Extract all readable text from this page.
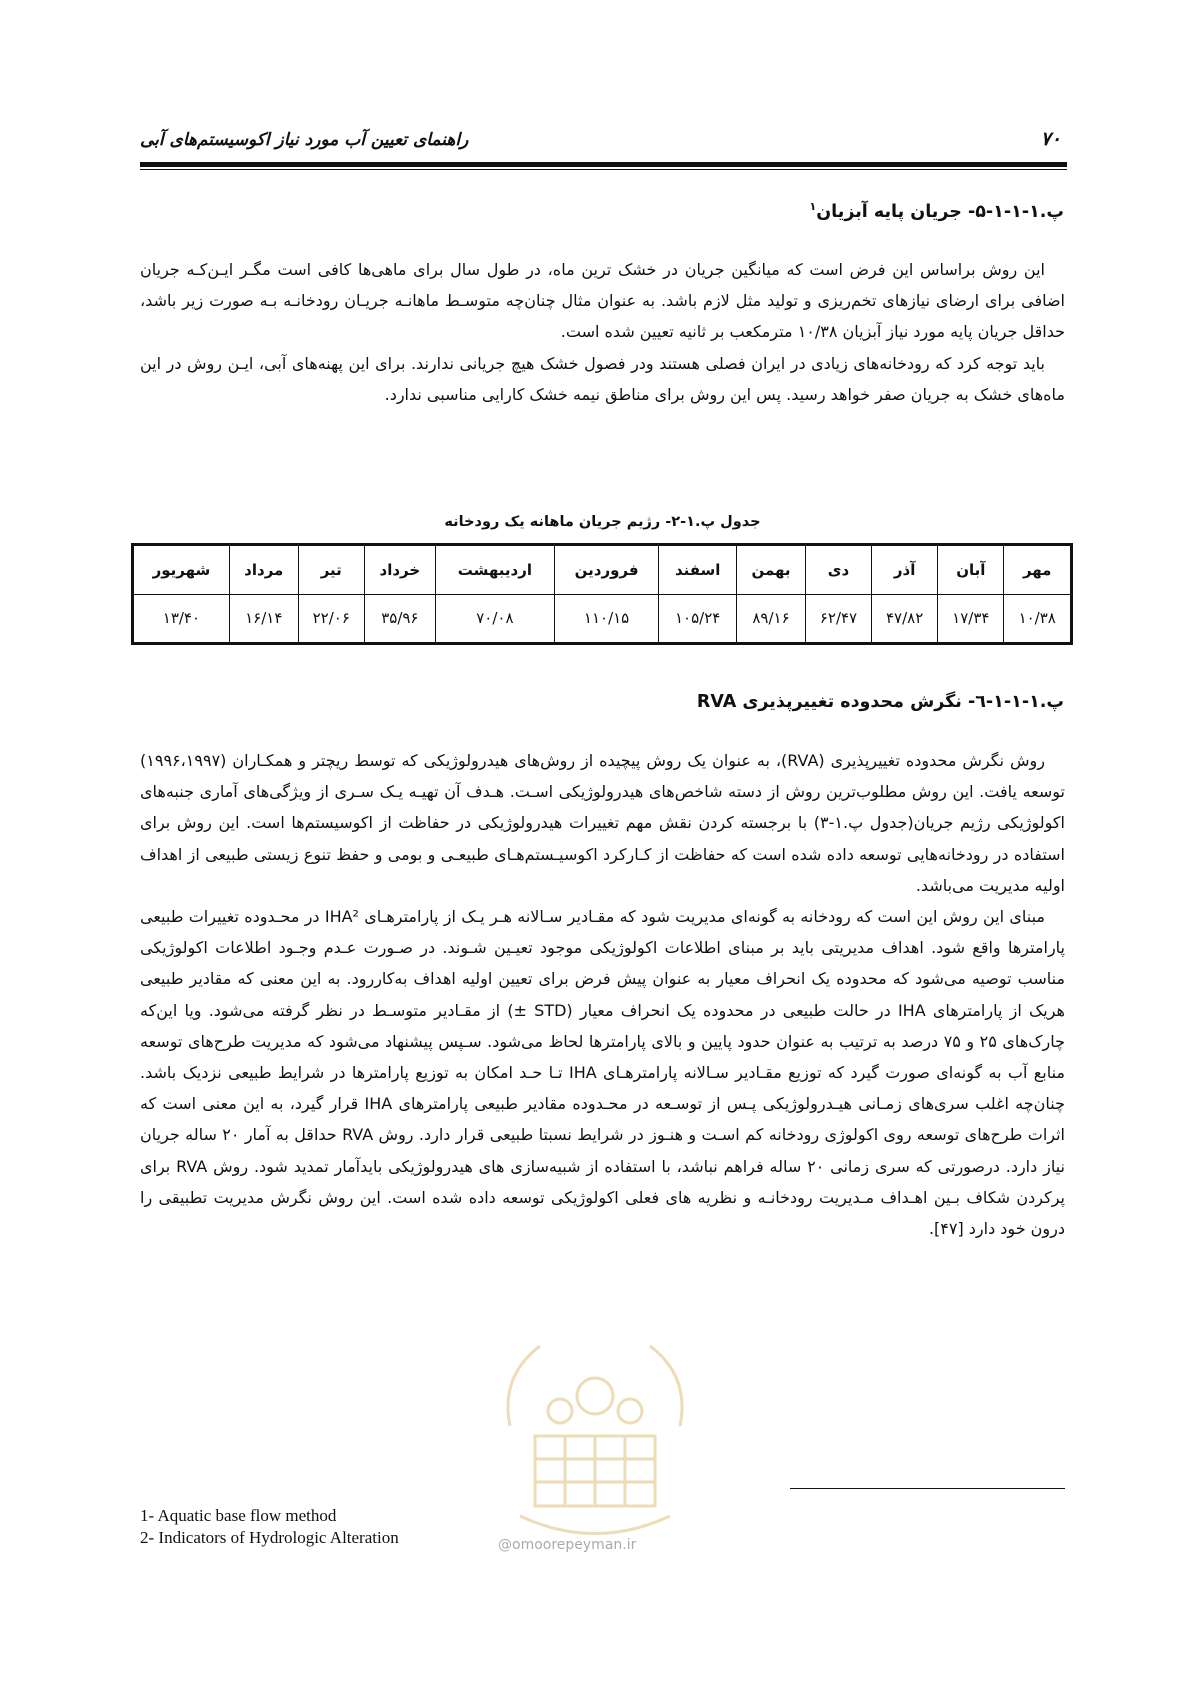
۷۰
راهنمای تعیین آب مورد نیاز اکوسیستم‌های آبی
پ.۱-۱-۱-۵- جریان پایه آبزیان$^۱$

این روش براساس این فرض است که میانگین جریان در خشک ترین ماه، در طول سال برای ماهی‌ها کافی است مگـر ایـن‌کـه جریان اضافی برای ارضای نیازهای تخم‌ریزی و تولید مثل لازم باشد. به عنوان مثال چنان‌چه متوسـط ماهانـه جریـان رودخانـه بـه صورت زیر باشد، حداقل جریان پایه مورد نیاز آبزیان ۱۰/۳۸ مترمکعب بر ثانیه تعیین شده است.

باید توجه کرد که رودخانه‌های زیادی در ایران فصلی هستند ودر فصول خشک هیچ جریانی ندارند. برای این پهنه‌های آبی، ایـن روش در این ماه‌های خشک به جریان صفر خواهد رسید. پس این روش برای مناطق نیمه خشک کارایی مناسبی ندارد.

جدول پ.۱-۲- رژیم جریان ماهانه یک رودخانه
مهر	آبان	آذر	دی	بهمن	اسفند	فروردین	اردیبهشت	خرداد	تیر	مرداد	شهریور
۱۰/۳۸	۱۷/۳۴	۴۷/۸۲	۶۲/۴۷	۸۹/۱۶	۱۰۵/۲۴	۱۱۰/۱۵	۷۰/۰۸	۳۵/۹۶	۲۲/۰۶	۱۶/۱۴	۱۳/۴۰
پ.۱-۱-۱-٦- نگرش محدوده تغییرپذیری RVA

روش نگرش محدوده تغییرپذیری (RVA)، به عنوان یک روش پیچیده از روش‌های هیدرولوژیکی که توسط ریچتر و همکـاران (۱۹۹۶،۱۹۹۷) توسعه یافت. این روش مطلوب‌ترین روش از دسته شاخص‌های هیدرولوژیکی اسـت. هـدف آن تهیـه یـک سـری از ویژگی‌های آماری جنبه‌های اکولوژیکی رژیم جریان(جدول پ.۱-۳) با برجسته کردن نقش مهم تغییرات هیدرولوژیکی در حفاظت از اکوسیستم‌ها است. این روش برای استفاده در رودخانه‌هایی توسعه داده شده است که حفاظت از کـارکرد اکوسیـستم‌هـای طبیعـی و بومی و حفظ تنوع زیستی طبیعی از اهداف اولیه مدیریت می‌باشد.

مبنای این روش این است که رودخانه به گونه‌ای مدیریت شود که مقـادیر سـالانه هـر یـک از پارامترهـای IHA² در محـدوده تغییرات طبیعی پارامترها واقع شود. اهداف مدیریتی باید بر مبنای اطلاعات اکولوژیکی موجود تعیـین شـوند. در صـورت عـدم وجـود اطلاعات اکولوژیکی مناسب توصیه می‌شود که محدوده یک انحراف معیار به عنوان پیش فرض برای تعیین اولیه اهداف به‌کاررود. به این معنی که مقادیر طبیعی هریک از پارامترهای IHA در حالت طبیعی در محدوده یک انحراف معیار (STD ±) از مقـادیر متوسـط در نظر گرفته می‌شود. ویا این‌که چارک‌های ۲۵ و ۷۵ درصد به ترتیب به عنوان حدود پایین و بالای پارامترها لحاظ می‌شود. سـپس پیشنهاد می‌شود که مدیریت طرح‌های توسعه منابع آب به گونه‌ای صورت گیرد که توزیع مقـادیر سـالانه پارامترهـای IHA تـا حـد امکان به توزیع پارامترها در شرایط طبیعی نزدیک باشد. چنان‌چه اغلب سری‌های زمـانی هیـدرولوژیکی پـس از توسـعه در محـدوده مقادیر طبیعی پارامترهای IHA قرار گیرد، به این معنی است که اثرات طرح‌های توسعه روی اکولوژی رودخانه کم اسـت و هنـوز در شرایط نسبتا طبیعی قرار دارد. روش RVA حداقل به آمار ۲۰ ساله جریان نیاز دارد. درصورتی که سری زمانی ۲۰ ساله فراهم نباشد، با استفاده از شبیه‌سازی های هیدرولوژیکی بایدآمار تمدید شود. روش RVA برای پرکردن شکاف بـین اهـداف مـدیریت رودخانـه و نظریه های فعلی اکولوژیکی توسعه داده شده است. این روش نگرش مدیریت تطبیقی را درون خود دارد [۴۷].

@omoorepeyman.ir
1- Aquatic base flow method
2- Indicators of Hydrologic Alteration
